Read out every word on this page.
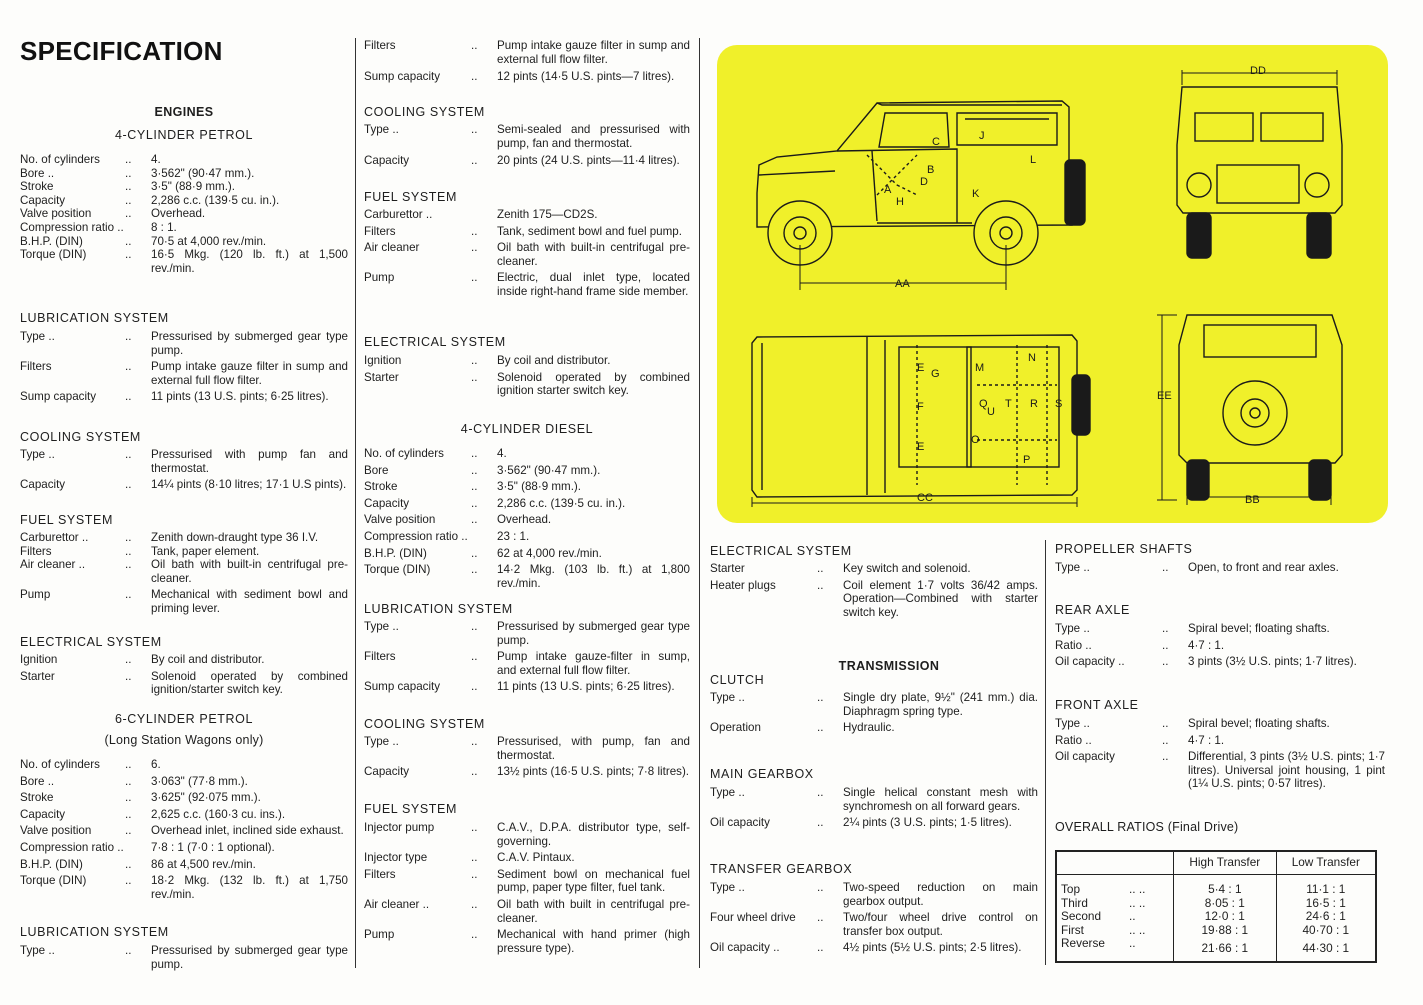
SPECIFICATION
ENGINES
4-CYLINDER PETROL
No. of cylinders	..	4.
Bore ..	..	3·562" (90·47 mm.).
Stroke	..	3·5" (88·9 mm.).
Capacity	..	2,286 c.c. (139·5 cu. in.).
Valve position	..	Overhead.
Compression ratio .. 8 : 1.
B.H.P. (DIN)	..	70·5 at 4,000 rev./min.
Torque (DIN)	..	16·5 Mkg. (120 lb. ft.) at 1,500 rev./min.
LUBRICATION SYSTEM
Type ..	..	Pressurised by submerged gear type pump.
Filters	..	Pump intake gauze filter in sump and external full flow filter.
Sump capacity	..	11 pints (13 U.S. pints; 6·25 litres).
COOLING SYSTEM
Type ..	..	Pressurised with pump fan and thermostat.
Capacity	..	14¼ pints (8·10 litres; 17·1 U.S pints).
FUEL SYSTEM
Carburettor ..	..	Zenith down-draught type 36 I.V.
Filters	..	Tank, paper element.
Air cleaner ..	..	Oil bath with built-in centrifugal pre-cleaner.
Pump	..	Mechanical with sediment bowl and priming lever.
ELECTRICAL SYSTEM
Ignition	..	By coil and distributor.
Starter	..	Solenoid operated by combined ignition/starter switch key.
6-CYLINDER PETROL
(Long Station Wagons only)
No. of cylinders	..	6.
Bore ..	..	3·063" (77·8 mm.).
Stroke	..	3·625" (92·075 mm.).
Capacity	..	2,625 c.c. (160·3 cu. ins.).
Valve position	..	Overhead inlet, inclined side exhaust.
Compression ratio .. 7·8 : 1 (7·0 : 1 optional).
B.H.P. (DIN)	..	86 at 4,500 rev./min.
Torque (DIN)	..	18·2 Mkg. (132 lb. ft.) at 1,750 rev./min.
LUBRICATION SYSTEM
Type ..	..	Pressurised by submerged gear type pump.
Filters	..	Pump intake gauze filter in sump and external full flow filter.
Sump capacity	..	12 pints (14·5 U.S. pints—7 litres).
COOLING SYSTEM
Type ..	..	Semi-sealed and pressurised with pump, fan and thermostat.
Capacity	..	20 pints (24 U.S. pints—11·4 litres).
FUEL SYSTEM
Carburettor ..	Zenith 175—CD2S.
Filters	..	Tank, sediment bowl and fuel pump.
Air cleaner	..	Oil bath with built-in centrifugal pre-cleaner.
Pump	..	Electric, dual inlet type, located inside right-hand frame side member.
ELECTRICAL SYSTEM
Ignition	..	By coil and distributor.
Starter	..	Solenoid operated by combined ignition starter switch key.
4-CYLINDER DIESEL
No. of cylinders	..	4.
Bore	..	3·562" (90·47 mm.).
Stroke	..	3·5" (88·9 mm.).
Capacity	..	2,286 c.c. (139·5 cu. in.).
Valve position	..	Overhead.
Compression ratio ..	23 : 1.
B.H.P. (DIN)	..	62 at 4,000 rev./min.
Torque (DIN)	..	14·2 Mkg. (103 lb. ft.) at 1,800 rev./min.
LUBRICATION SYSTEM
Type ..	..	Pressurised by submerged gear type pump.
Filters	..	Pump intake gauze-filter in sump, and external full flow filter.
Sump capacity	..	11 pints (13 U.S. pints; 6·25 litres).
COOLING SYSTEM
Type ..	..	Pressurised, with pump, fan and thermostat.
Capacity	..	13½ pints (16·5 U.S. pints; 7·8 litres).
FUEL SYSTEM
Injector pump	..	C.A.V., D.P.A. distributor type, self-governing.
Injector type	..	C.A.V. Pintaux.
Filters	..	Sediment bowl on mechanical fuel pump, paper type filter, fuel tank.
Air cleaner ..	..	Oil bath with built in centrifugal pre-cleaner.
Pump	..	Mechanical with hand primer (high pressure type).
A
B
C
D
H
J
K
L
AA
DD
E G
F
E
M
N
Q
U
T R S
O
P
CC
EE
BB
ELECTRICAL SYSTEM
Starter	..	Key switch and solenoid.
Heater plugs	..	Coil element 1·7 volts 36/42 amps. Operation—Combined with starter switch key.
TRANSMISSION
CLUTCH
Type ..	..	Single dry plate, 9½" (241 mm.) dia. Diaphragm spring type.
Operation	..	Hydraulic.
MAIN GEARBOX
Type ..	..	Single helical constant mesh with synchromesh on all forward gears.
Oil capacity	..	2¼ pints (3 U.S. pints; 1·5 litres).
TRANSFER GEARBOX
Type ..	..	Two-speed reduction on main gearbox output.
Four wheel drive	..	Two/four wheel drive control on transfer box output.
Oil capacity ..	..	4½ pints (5½ U.S. pints; 2·5 litres).
PROPELLER SHAFTS
Type ..	..	Open, to front and rear axles.
REAR AXLE
Type ..	..	Spiral bevel; floating shafts.
Ratio ..	..	4·7 : 1.
Oil capacity ..	..	3 pints (3½ U.S. pints; 1·7 litres).
FRONT AXLE
Type ..	..	Spiral bevel; floating shafts.
Ratio ..	..	4·7 : 1.
Oil capacity	..	Differential, 3 pints (3½ U.S. pints; 1·7 litres). Universal joint housing, 1 pint (1¼ U.S. pints; 0·57 litres).
OVERALL RATIOS (Final Drive)
	High Transfer	Low Transfer
Top .. ..	5·4 : 1	11·1 : 1
Third .. ..	8·05 : 1	16·5 : 1
Second ..	12·0 : 1	24·6 : 1
First .. ..	19·88 : 1	40·70 : 1
Reverse ..	21·66 : 1	44·30 : 1
